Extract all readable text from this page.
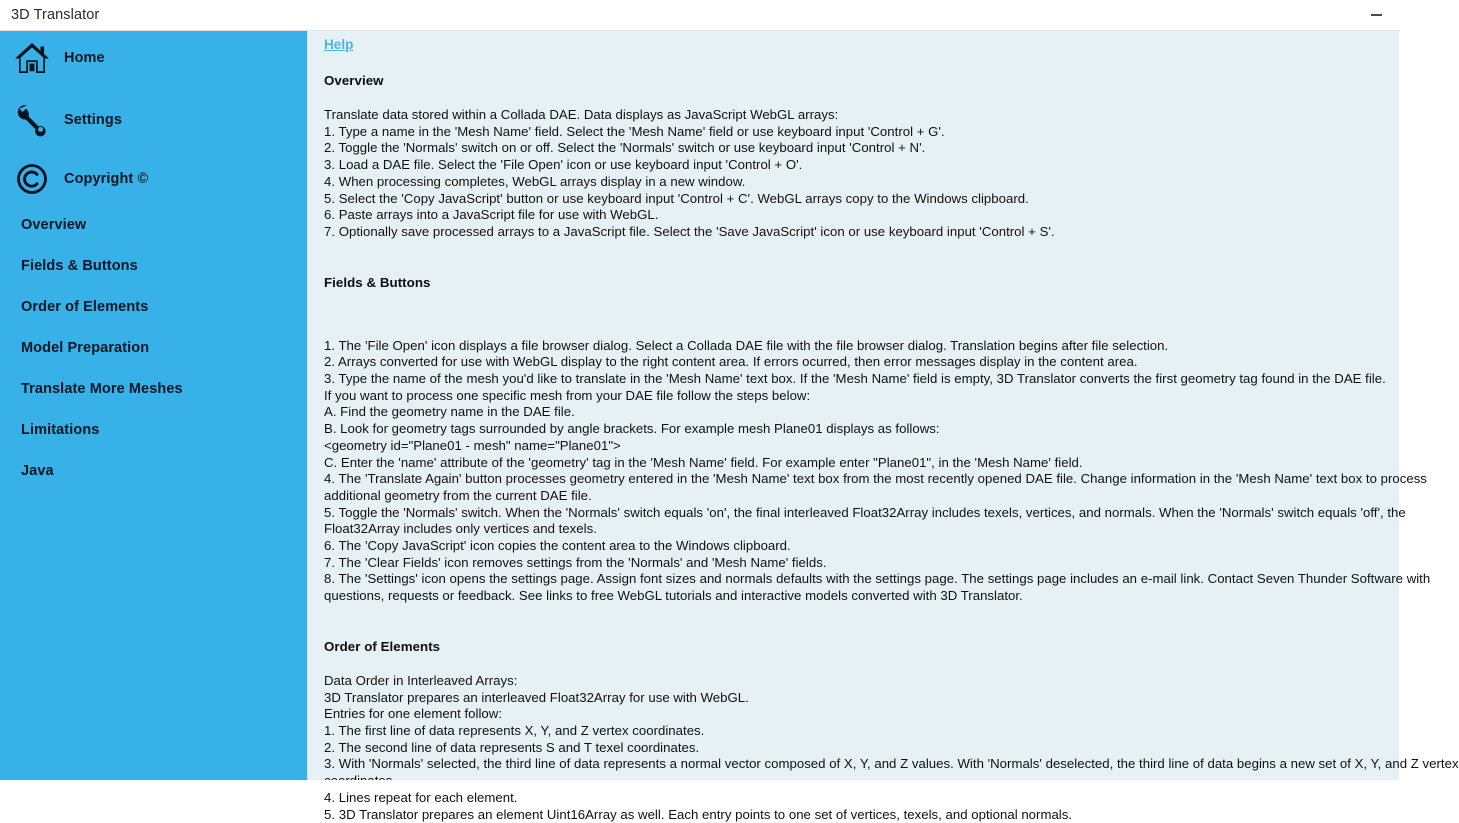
3D Translator
Home
Settings
Copyright ©
Overview
Fields & Buttons
Order of Elements
Model Preparation
Translate More Meshes
Limitations
Java
Help
Overview
Translate data stored within a Collada DAE. Data displays as JavaScript WebGL arrays:
1. Type a name in the 'Mesh Name' field. Select the 'Mesh Name' field or use keyboard input 'Control + G'.
2. Toggle the 'Normals' switch on or off. Select the 'Normals' switch or use keyboard input 'Control + N'.
3. Load a DAE file. Select the 'File Open' icon or use keyboard input 'Control + O'.
4. When processing completes, WebGL arrays display in a new window.
5. Select the 'Copy JavaScript' button or use keyboard input 'Control + C'. WebGL arrays copy to the Windows clipboard.
6. Paste arrays into a JavaScript file for use with WebGL.
7. Optionally save processed arrays to a JavaScript file. Select the 'Save JavaScript' icon or use keyboard input 'Control + S'.
Fields & Buttons
1. The 'File Open' icon displays a file browser dialog. Select a Collada DAE file with the file browser dialog. Translation begins after file selection.
2. Arrays converted for use with WebGL display to the right content area. If errors ocurred, then error messages display in the content area.
3. Type the name of the mesh you'd like to translate in the 'Mesh Name' text box. If the 'Mesh Name' field is empty, 3D Translator converts the first geometry tag found in the DAE file.
If you want to process one specific mesh from your DAE file follow the steps below:
A. Find the geometry name in the DAE file.
B. Look for geometry tags surrounded by angle brackets. For example mesh Plane01 displays as follows:
<geometry id="Plane01 - mesh" name="Plane01">
C. Enter the 'name' attribute of the 'geometry' tag in the 'Mesh Name' field. For example enter "Plane01", in the 'Mesh Name' field.
4. The 'Translate Again' button processes geometry entered in the 'Mesh Name' text box from the most recently opened DAE file. Change information in the 'Mesh Name' text box to process
additional geometry from the current DAE file.
5. Toggle the 'Normals' switch. When the 'Normals' switch equals 'on', the final interleaved Float32Array includes texels, vertices, and normals. When the 'Normals' switch equals 'off', the
Float32Array includes only vertices and texels.
6. The 'Copy JavaScript' icon copies the content area to the Windows clipboard.
7. The 'Clear Fields' icon removes settings from the 'Normals' and 'Mesh Name' fields.
8. The 'Settings' icon opens the settings page. Assign font sizes and normals defaults with the settings page. The settings page includes an e-mail link. Contact Seven Thunder Software with
questions, requests or feedback. See links to free WebGL tutorials and interactive models converted with 3D Translator.
Order of Elements
Data Order in Interleaved Arrays:
3D Translator prepares an interleaved Float32Array for use with WebGL.
Entries for one element follow:
1. The first line of data represents X, Y, and Z vertex coordinates.
2. The second line of data represents S and T texel coordinates.
3. With 'Normals' selected, the third line of data represents a normal vector composed of X, Y, and Z values. With 'Normals' deselected, the third line of data begins a new set of X, Y, and Z vertex
4. Lines repeat for each element.
5. 3D Translator prepares an element Uint16Array as well. Each entry points to one set of vertices, texels, and optional normals.
